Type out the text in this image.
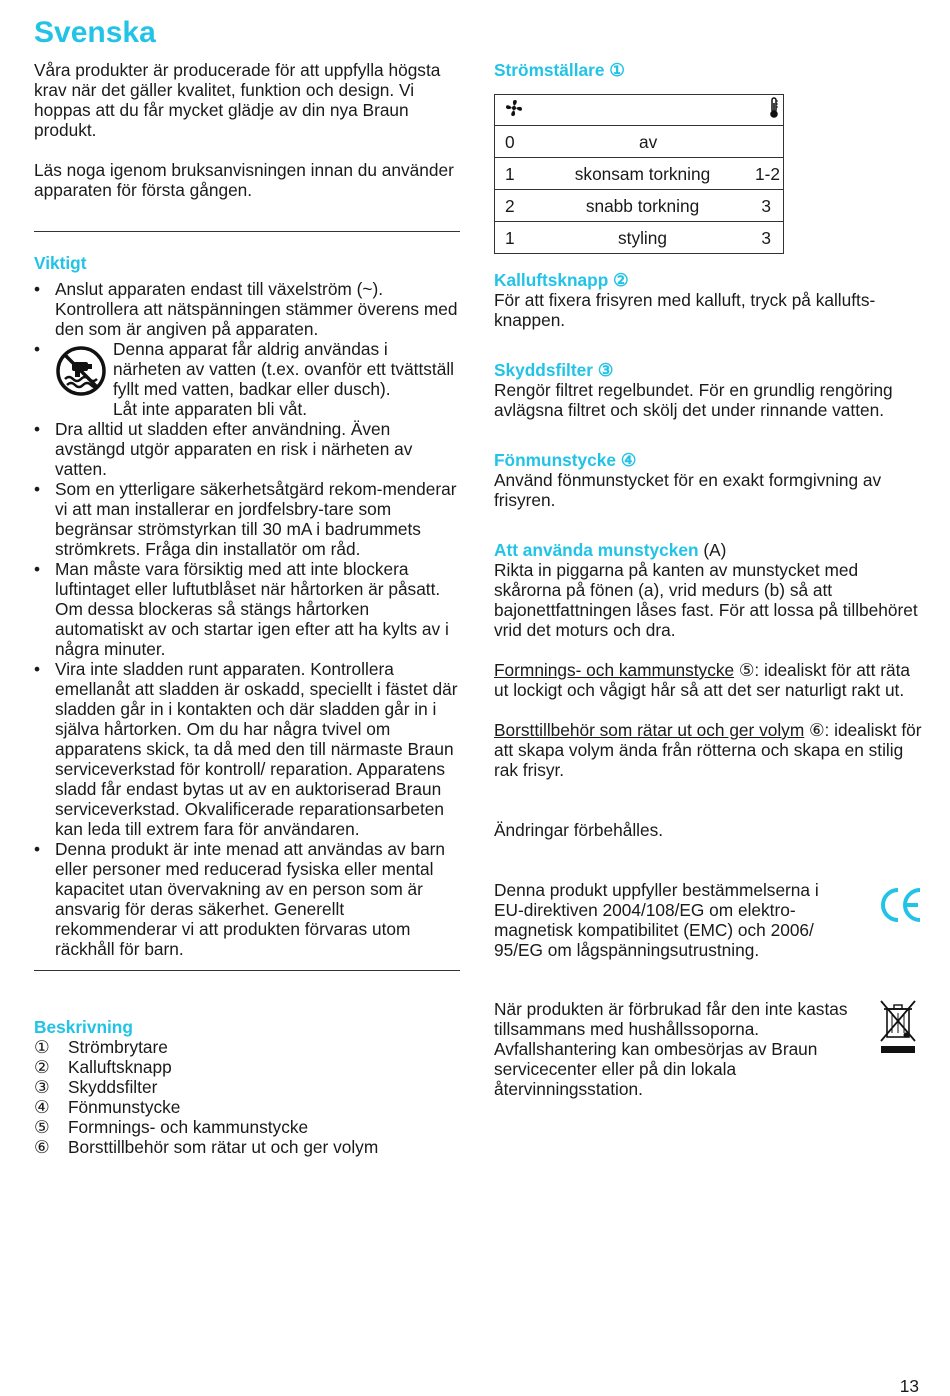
Svenska

Våra produkter är producerade för att uppfylla högsta krav när det gäller kvalitet, funktion och design. Vi hoppas att du får mycket glädje av din nya Braun produkt.

Läs noga igenom bruksanvisningen innan du använder apparaten för första gången.

Viktigt
• Anslut apparaten endast till växelström (~). Kontrollera att nätspänningen stämmer överens med den som är angiven på apparaten.
•	Denna apparat får aldrig användas i närheten av vatten (t.ex. ovanför ett tvättställ fyllt med vatten, badkar eller dusch).

Låt inte apparaten bli våt.

• Dra alltid ut sladden efter användning. Även avstängd utgör apparaten en risk i närheten av vatten.
• Som en ytterligare säkerhetsåtgärd rekom-menderar vi att man installerar en jordfelsbry-tare som begränsar strömstyrkan till 30 mA i badrummets strömkrets. Fråga din installatör om råd.
• Man måste vara försiktig med att inte blockera luftintaget eller luftutblåset när hårtorken är påsatt. Om dessa blockeras så stängs hårtorken automatiskt av och startar igen efter att ha kylts av i några minuter.
• Vira inte sladden runt apparaten. Kontrollera emellanåt att sladden är oskadd, speciellt i fästet där sladden går in i kontakten och där sladden går in i själva hårtorken. Om du har några tvivel om apparatens skick, ta då med den till närmaste Braun serviceverkstad för kontroll/ reparation. Apparatens sladd får endast bytas ut av en auktoriserad Braun serviceverkstad. Okvalificerade reparationsarbeten kan leda till extrem fara för användaren.
• Denna produkt är inte menad att användas av barn eller personer med reducerad fysiska eller mental kapacitet utan övervakning av en person som är ansvarig för deras säkerhet. Generellt rekommenderar vi att produkten förvaras utom räckhåll för barn.
Beskrivning
①	Strömbrytare
②	Kalluftsknapp
③	Skyddsfilter
④	Fönmunstycke
⑤	Formnings- och kammunstycke
⑥	Borsttillbehör som rätar ut och ger volym
Strömställare ①

0	av	
1	skonsam torkning	1-2
2	snabb torkning	3
1	styling	3
Kalluftsknapp ②

För att fixera frisyren med kalluft, tryck på kallufts-knappen.

Skyddsfilter ③

Rengör filtret regelbundet. För en grundlig rengöring avlägsna filtret och skölj det under rinnande vatten.

Fönmunstycke ④

Använd fönmunstycket för en exakt formgivning av frisyren.

Att använda munstycken (A)

Rikta in piggarna på kanten av munstycket med skårorna på fönen (a), vrid medurs (b) så att bajonettfattningen låses fast. För att lossa på tillbehöret vrid det moturs och dra.

Formnings- och kammunstycke ⑤: idealiskt för att räta ut lockigt och vågigt hår så att det ser naturligt rakt ut.

Borsttillbehör som rätar ut och ger volym ⑥: idealiskt för att skapa volym ända från rötterna och skapa en stilig rak frisyr.

Ändringar förbehålles.

Denna produkt uppfyller bestämmelserna i EU-direktiven 2004/108/EG om elektro-magnetisk kompatibilitet (EMC) och 2006/ 95/EG om lågspänningsutrustning.

När produkten är förbrukad får den inte kastas tillsammans med hushållssoporna. Avfallshantering kan ombesörjas av Braun servicecenter eller på din lokala återvinningsstation.

13
